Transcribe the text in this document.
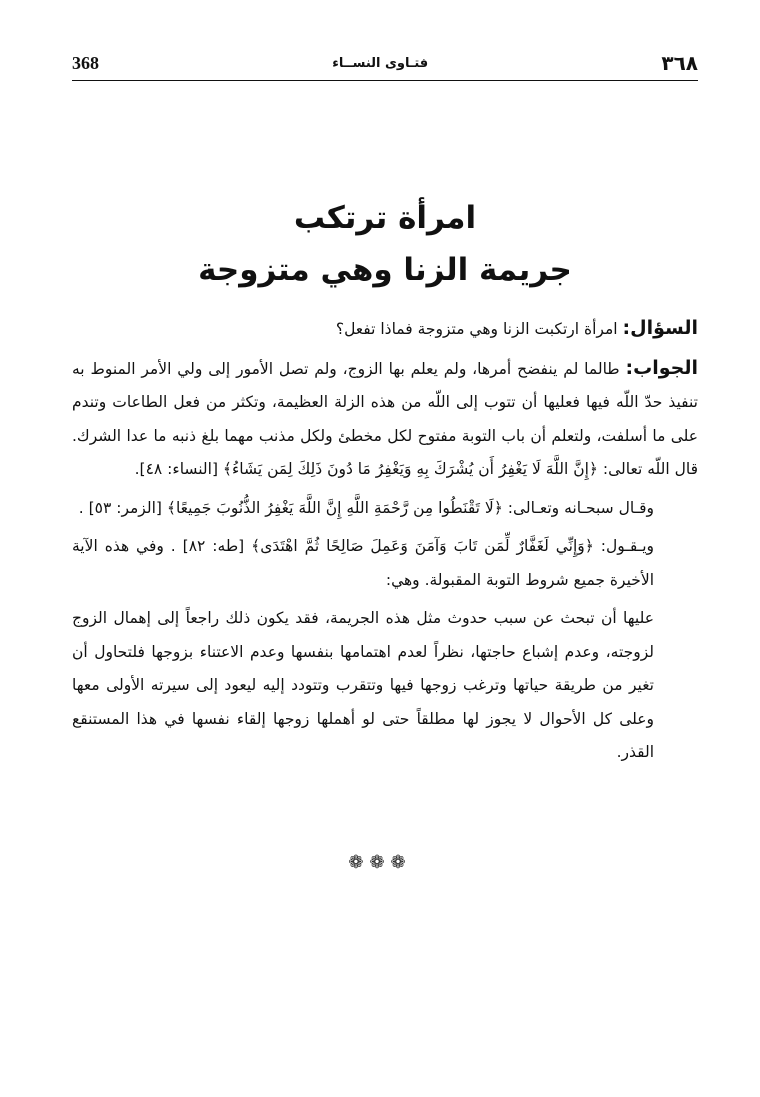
368	فتـاوى النســاء	٣٦٨
امرأة ترتكب
جريمة الزنا وهي متزوجة

السؤال: امرأة ارتكبت الزنا وهي متزوجة فماذا تفعل؟

الجواب: طالما لم ينفضح أمرها، ولم يعلم بها الزوج، ولم تصل الأمور إلى ولي الأمر المنوط به تنفيذ حدّ اللّه فيها فعليها أن تتوب إلى اللّه من هذه الزلة العظيمة، وتكثر من فعل الطاعات وتندم على ما أسلفت، ولتعلم أن باب التوبة مفتوح لكل مخطئ ولكل مذنب مهما بلغ ذنبه ما عدا الشرك. قال اللّه تعالى: ﴿إِنَّ اللَّهَ لَا يَغْفِرُ أَن يُشْرَكَ بِهِ وَيَغْفِرُ مَا دُونَ ذَلِكَ لِمَن يَشَاءُ﴾ [النساء: ٤٨].

وقـال سبحـانه وتعـالى: ﴿لَا تَقْنَطُوا مِن رَّحْمَةِ اللَّهِ إِنَّ اللَّهَ يَغْفِرُ الذُّنُوبَ جَمِيعًا﴾ [الزمر: ٥٣] .

ويـقـول: ﴿وَإِنِّي لَغَفَّارٌ لِّمَن تَابَ وَآمَنَ وَعَمِلَ صَالِحًا ثُمَّ اهْتَدَى﴾ [طه: ٨٢] . وفي هذه الآية الأخيرة جميع شروط التوبة المقبولة. وهي:

عليها أن تبحث عن سبب حدوث مثل هذه الجريمة، فقد يكون ذلك راجعاً إلى إهمال الزوج لزوجته، وعدم إشباع حاجتها، نظراً لعدم اهتمامها بنفسها وعدم الاعتناء بزوجها فلتحاول أن تغير من طريقة حياتها وترغب زوجها فيها وتتقرب وتتودد إليه ليعود إلى سيرته الأولى معها وعلى كل الأحوال لا يجوز لها مطلقاً حتى لو أهملها زوجها إلقاء نفسها في هذا المستنقع القذر.

❁❁❁
